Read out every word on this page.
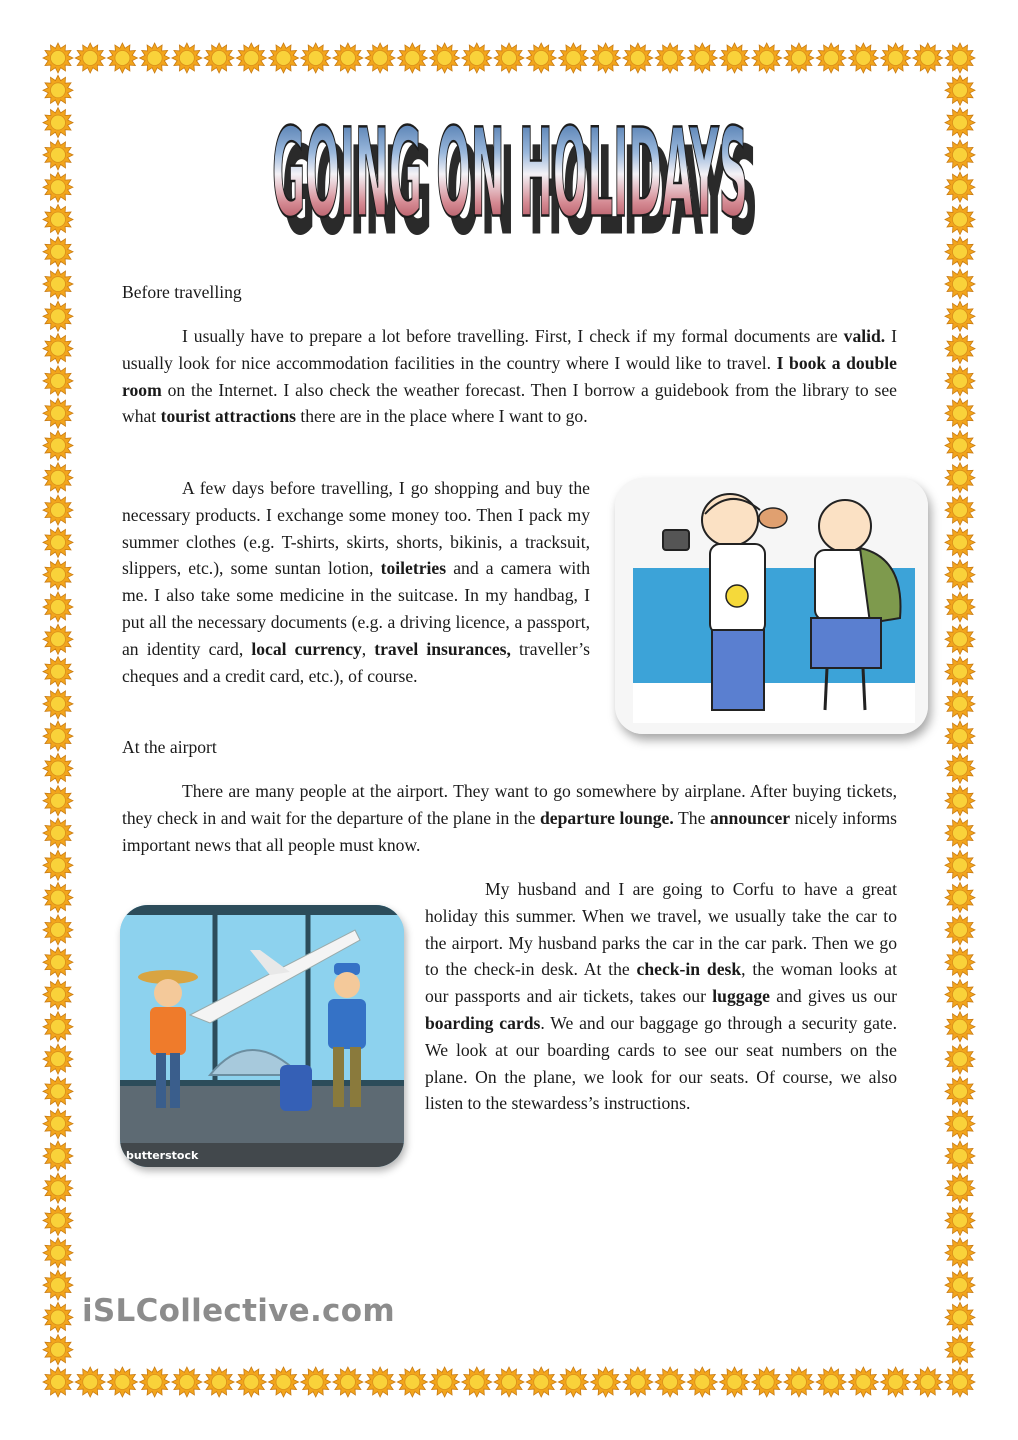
GOING ON HOLIDAYS
GOING ON HOLIDAYS

Before travelling

I usually have to prepare a lot before travelling. First, I check if my formal documents are valid. I usually look for nice accommodation facilities in the country where I would like to travel. I book a double room on the Internet. I also check the weather forecast. Then I borrow a guidebook from the library to see what tourist attractions there are in the place where I want to go.

A few days before travelling, I go shopping and buy the necessary products. I exchange some money too. Then I pack my summer clothes (e.g. T-shirts, skirts, shorts, bikinis, a tracksuit, slippers, etc.), some suntan lotion, toiletries and a camera with me. I also take some medicine in the suitcase. In my handbag, I put all the necessary documents (e.g. a driving licence, a passport, an identity card, local currency, travel insurances, traveller’s cheques and a credit card, etc.), of course.

At the airport

There are many people at the airport. They want to go somewhere by airplane. After buying tickets, they check in and wait for the departure of the plane in the departure lounge. The announcer nicely informs important news that all people must know.

My husband and I are going to Corfu to have a great holiday this summer. When we travel, we usually take the car to the airport. My husband parks the car in the car park. Then we go to the check-in desk. At the check-in desk, the woman looks at our passports and air tickets, takes our luggage and gives us our boarding cards. We and our baggage go through a security gate. We look at our boarding cards to see our seat numbers on the plane. On the plane, we look for our seats. Of course, we also listen to the stewardess’s instructions.

butterstock
iSLCollective.com
